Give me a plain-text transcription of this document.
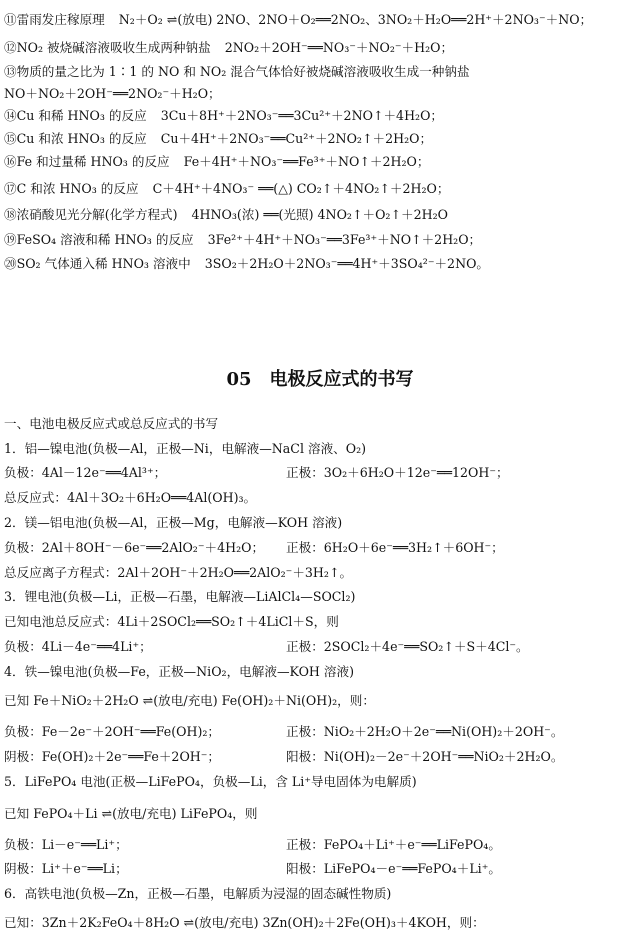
⑪雷雨发庄稼原理 N₂＋O₂ ⇌(放电) 2NO、2NO＋O₂══2NO₂、3NO₂＋H₂O══2H⁺＋2NO₃⁻＋NO；
⑫NO₂ 被烧碱溶液吸收生成两种钠盐 2NO₂＋2OH⁻══NO₃⁻＋NO₂⁻＋H₂O；
⑬物质的量之比为 1∶1 的 NO 和 NO₂ 混合气体恰好被烧碱溶液吸收生成一种钠盐
NO＋NO₂＋2OH⁻══2NO₂⁻＋H₂O；
⑭Cu 和稀 HNO₃ 的反应 3Cu＋8H⁺＋2NO₃⁻══3Cu²⁺＋2NO↑＋4H₂O；
⑮Cu 和浓 HNO₃ 的反应 Cu＋4H⁺＋2NO₃⁻══Cu²⁺＋2NO₂↑＋2H₂O；
⑯Fe 和过量稀 HNO₃ 的反应 Fe＋4H⁺＋NO₃⁻══Fe³⁺＋NO↑＋2H₂O；
⑰C 和浓 HNO₃ 的反应 C＋4H⁺＋4NO₃⁻ ══(△) CO₂↑＋4NO₂↑＋2H₂O；
⑱浓硝酸见光分解(化学方程式) 4HNO₃(浓) ══(光照) 4NO₂↑＋O₂↑＋2H₂O
⑲FeSO₄ 溶液和稀 HNO₃ 的反应 3Fe²⁺＋4H⁺＋NO₃⁻══3Fe³⁺＋NO↑＋2H₂O；
⑳SO₂ 气体通入稀 HNO₃ 溶液中 3SO₂＋2H₂O＋2NO₃⁻══4H⁺＋3SO₄²⁻＋2NO。
05 电极反应式的书写
一、电池电极反应式或总反应式的书写
1．铝—镍电池(负极—Al，正极—Ni，电解液—NaCl 溶液、O₂)
负极：4Al－12e⁻══4Al³⁺；	正极：3O₂＋6H₂O＋12e⁻══12OH⁻；
总反应式：4Al＋3O₂＋6H₂O══4Al(OH)₃。
2．镁—铝电池(负极—Al，正极—Mg，电解液—KOH 溶液)
负极：2Al＋8OH⁻－6e⁻══2AlO₂⁻＋4H₂O； 正极：6H₂O＋6e⁻══3H₂↑＋6OH⁻；
总反应离子方程式：2Al＋2OH⁻＋2H₂O══2AlO₂⁻＋3H₂↑。
3．锂电池(负极—Li，正极—石墨，电解液—LiAlCl₄—SOCl₂)
已知电池总反应式：4Li＋2SOCl₂══SO₂↑＋4LiCl＋S，则
负极：4Li－4e⁻══4Li⁺；	正极：2SOCl₂＋4e⁻══SO₂↑＋S＋4Cl⁻。
4．铁—镍电池(负极—Fe，正极—NiO₂，电解液—KOH 溶液)
已知 Fe＋NiO₂＋2H₂O ⇌(放电/充电) Fe(OH)₂＋Ni(OH)₂，则：
负极：Fe－2e⁻＋2OH⁻══Fe(OH)₂；	正极：NiO₂＋2H₂O＋2e⁻══Ni(OH)₂＋2OH⁻。
阴极：Fe(OH)₂＋2e⁻══Fe＋2OH⁻；	阳极：Ni(OH)₂－2e⁻＋2OH⁻══NiO₂＋2H₂O。
5．LiFePO₄ 电池(正极—LiFePO₄，负极—Li，含 Li⁺导电固体为电解质)
已知 FePO₄＋Li ⇌(放电/充电) LiFePO₄，则
负极：Li－e⁻══Li⁺；	正极：FePO₄＋Li⁺＋e⁻══LiFePO₄。
阴极：Li⁺＋e⁻══Li；	阳极：LiFePO₄－e⁻══FePO₄＋Li⁺。
6．高铁电池(负极—Zn，正极—石墨，电解质为浸湿的固态碱性物质)
已知：3Zn＋2K₂FeO₄＋8H₂O ⇌(放电/充电) 3Zn(OH)₂＋2Fe(OH)₃＋4KOH，则：
